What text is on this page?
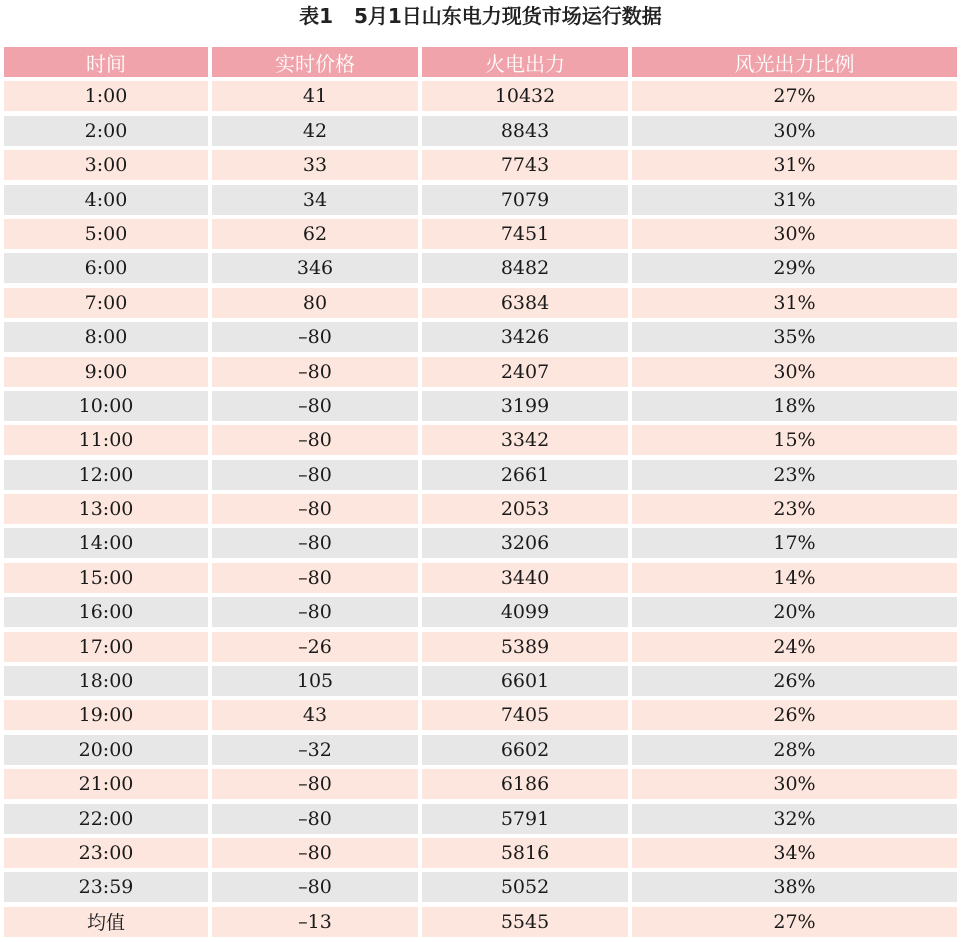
表1   5月1日山东电力现货市场运行数据
时间	实时价格	火电出力	风光出力比例
1:00	41	10432	27%
2:00	42	8843	30%
3:00	33	7743	31%
4:00	34	7079	31%
5:00	62	7451	30%
6:00	346	8482	29%
7:00	80	6384	31%
8:00	–80	3426	35%
9:00	–80	2407	30%
10:00	–80	3199	18%
11:00	–80	3342	15%
12:00	–80	2661	23%
13:00	–80	2053	23%
14:00	–80	3206	17%
15:00	–80	3440	14%
16:00	–80	4099	20%
17:00	–26	5389	24%
18:00	105	6601	26%
19:00	43	7405	26%
20:00	–32	6602	28%
21:00	–80	6186	30%
22:00	–80	5791	32%
23:00	–80	5816	34%
23:59	–80	5052	38%
均值	–13	5545	27%
